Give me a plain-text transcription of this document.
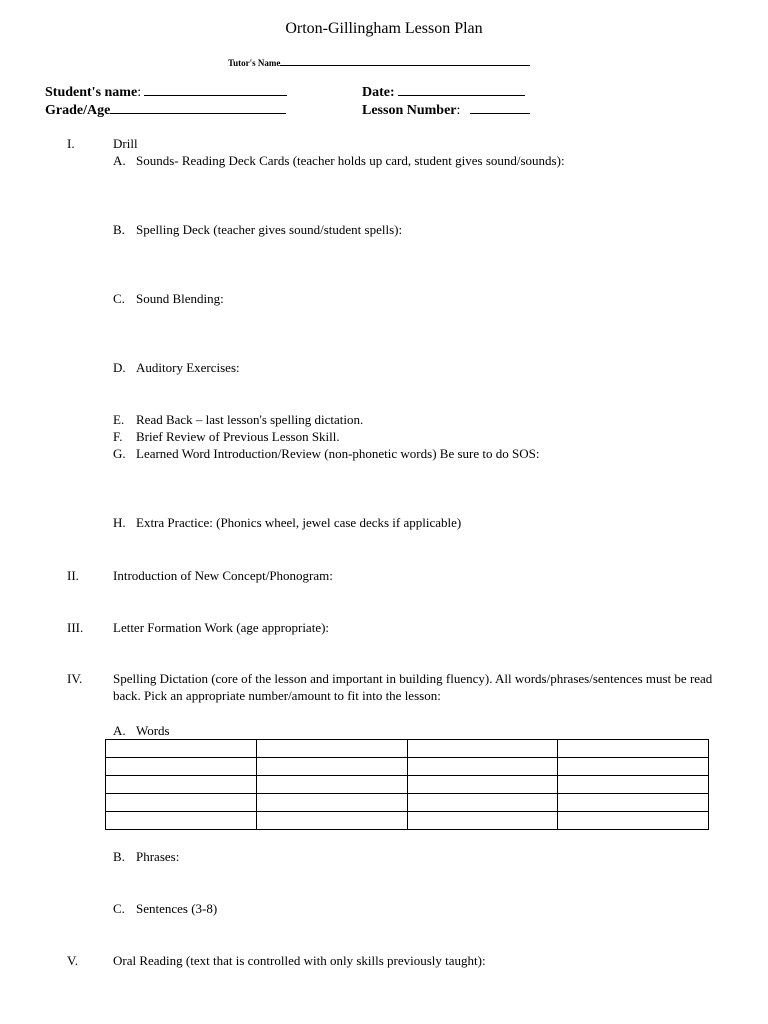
Orton-Gillingham Lesson Plan
Tutor's Name
Student's name:	Date:
Grade/Age	Lesson Number:
I.	Drill
A. Sounds- Reading Deck Cards (teacher holds up card, student gives sound/sounds):
B. Spelling Deck (teacher gives sound/student spells):
C. Sound Blending:
D. Auditory Exercises:
E. Read Back – last lesson's spelling dictation.
F. Brief Review of Previous Lesson Skill.
G. Learned Word Introduction/Review (non-phonetic words) Be sure to do SOS:
H. Extra Practice: (Phonics wheel, jewel case decks if applicable)
II.	Introduction of New Concept/Phonogram:
III. Letter Formation Work (age appropriate):
IV. Spelling Dictation (core of the lesson and important in building fluency). All words/phrases/sentences must be read back. Pick an appropriate number/amount to fit into the lesson:
A. Words

B. Phrases:
C. Sentences (3-8)
V.	Oral Reading (text that is controlled with only skills previously taught):
